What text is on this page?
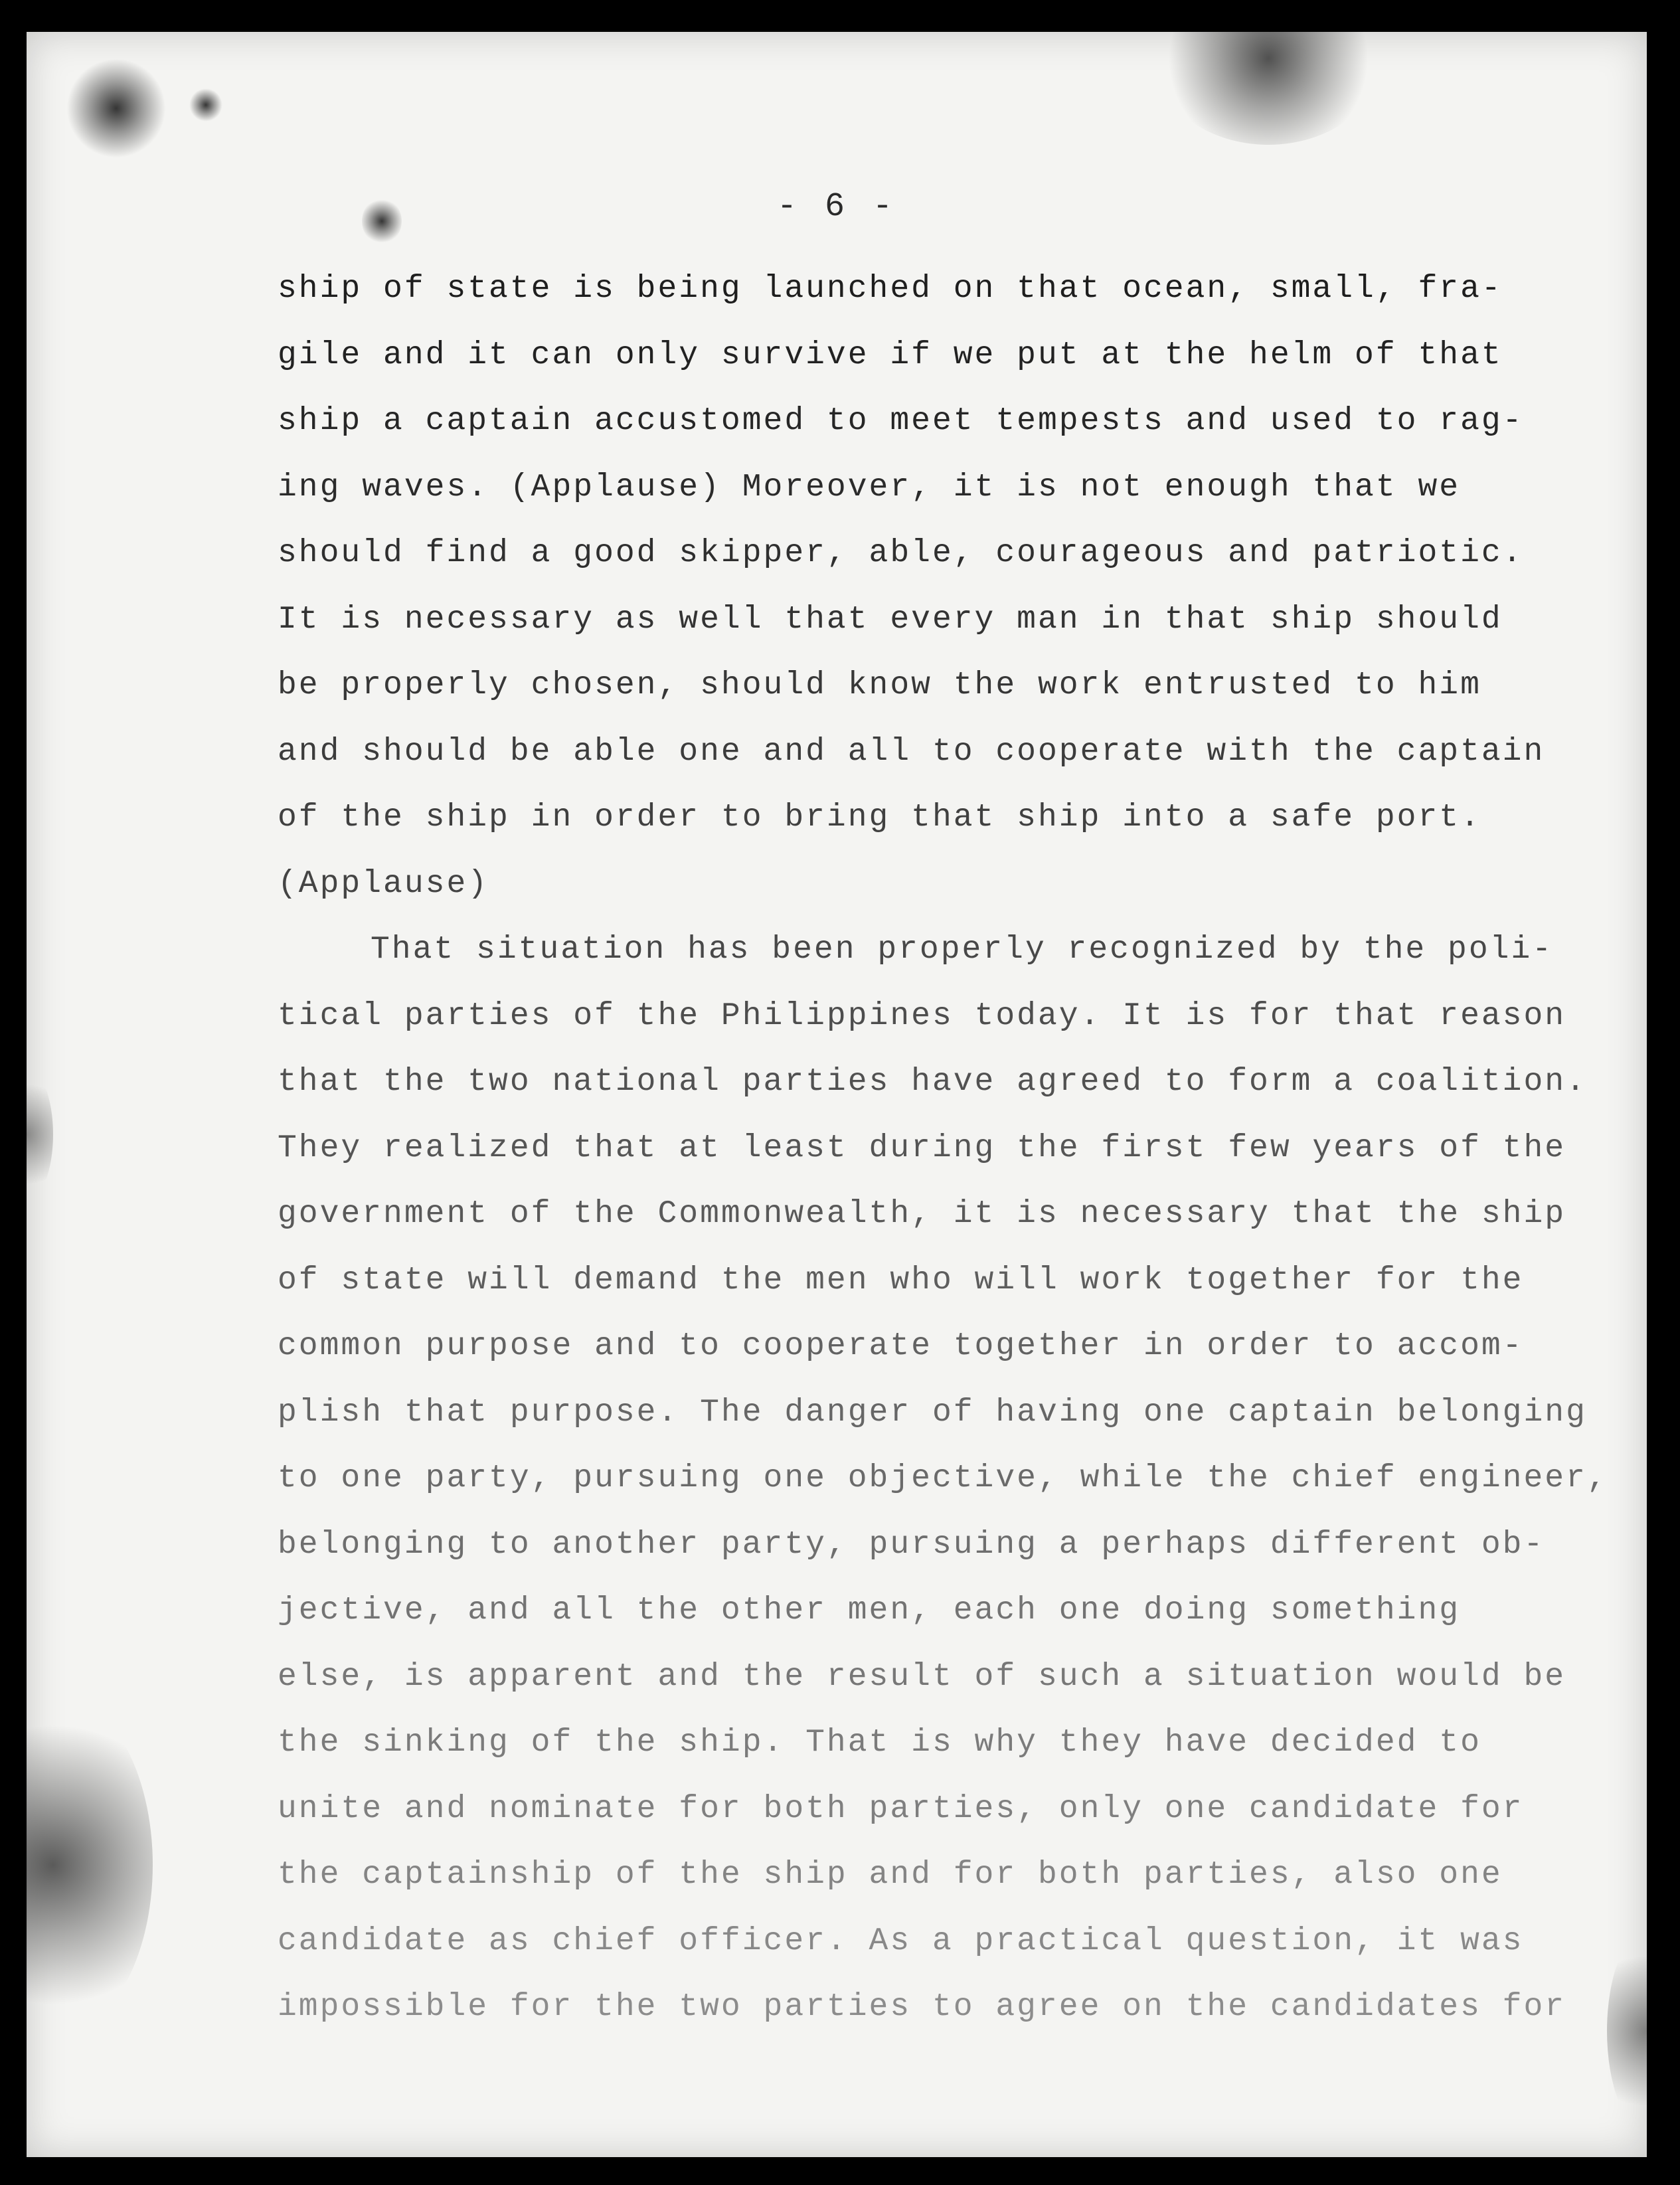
- 6 -
ship of state is being launched on that ocean, small, fra-
gile and it can only survive if we put at the helm of that
ship a captain accustomed to meet tempests and used to rag-
ing waves. (Applause) Moreover, it is not enough that we
should find a good skipper, able, courageous and patriotic.
It is necessary as well that every man in that ship should
be properly chosen, should know the work entrusted to him
and should be able one and all to cooperate with the captain
of the ship in order to bring that ship into a safe port.
(Applause)
That situation has been properly recognized by the poli-
tical parties of the Philippines today. It is for that reason
that the two national parties have agreed to form a coalition.
They realized that at least during the first few years of the
government of the Commonwealth, it is necessary that the ship
of state will demand the men who will work together for the
common purpose and to cooperate together in order to accom-
plish that purpose. The danger of having one captain belonging
to one party, pursuing one objective, while the chief engineer,
belonging to another party, pursuing a perhaps different ob-
jective, and all the other men, each one doing something
else, is apparent and the result of such a situation would be
the sinking of the ship. That is why they have decided to
unite and nominate for both parties, only one candidate for
the captainship of the ship and for both parties, also one
candidate as chief officer. As a practical question, it was
impossible for the two parties to agree on the candidates for
